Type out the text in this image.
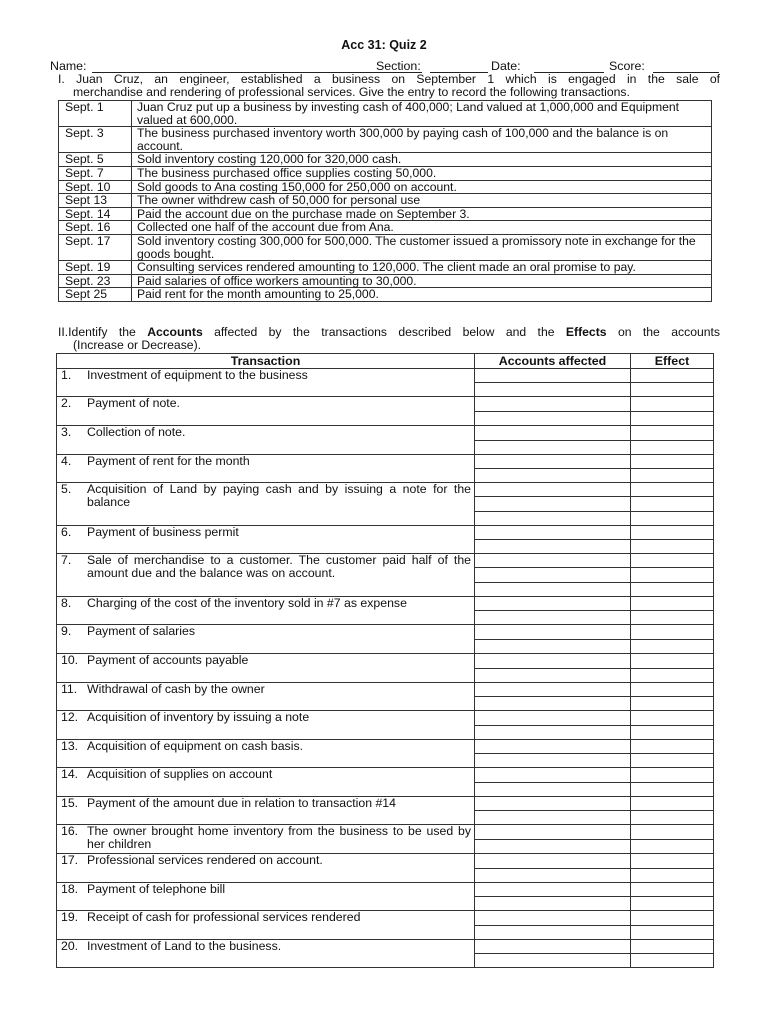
Acc 31: Quiz 2
Name:	Section:	Date:	Score:
I. Juan Cruz, an engineer, established a business on September 1 which is engaged in the sale of
merchandise and rendering of professional services. Give the entry to record the following transactions.
Sept. 1	Juan Cruz put up a business by investing cash of 400,000; Land valued at 1,000,000 and Equipment valued at 600,000.
Sept. 3	The business purchased inventory worth 300,000 by paying cash of 100,000 and the balance is on account.
Sept. 5	Sold inventory costing 120,000 for 320,000 cash.
Sept. 7	The business purchased office supplies costing 50,000.
Sept. 10	Sold goods to Ana costing 150,000 for 250,000 on account.
Sept 13	The owner withdrew cash of 50,000 for personal use
Sept. 14	Paid the account due on the purchase made on September 3.
Sept. 16	Collected one half of the account due from Ana.
Sept. 17	Sold inventory costing 300,000 for 500,000. The customer issued a promissory note in exchange for the goods bought.
Sept. 19	Consulting services rendered amounting to 120,000. The client made an oral promise to pay.
Sept. 23	Paid salaries of office workers amounting to 30,000.
Sept 25	Paid rent for the month amounting to 25,000.
II.Identify the Accounts affected by the transactions described below and the Effects on the accounts
(Increase or Decrease).
Transaction	Accounts affected	Effect
1.	Investment of equipment to the business
2.	Payment of note.
3.	Collection of note.
4.	Payment of rent for the month
5.	Acquisition of Land by paying cash and by issuing a note for the balance
6.	Payment of business permit
7.	Sale of merchandise to a customer. The customer paid half of the amount due and the balance was on account.
8.	Charging of the cost of the inventory sold in #7 as expense
9.	Payment of salaries
10. Payment of accounts payable
11. Withdrawal of cash by the owner
12. Acquisition of inventory by issuing a note
13. Acquisition of equipment on cash basis.
14. Acquisition of supplies on account
15. Payment of the amount due in relation to transaction #14
16. The owner brought home inventory from the business to be used by her children
17. Professional services rendered on account.
18. Payment of telephone bill
19. Receipt of cash for professional services rendered
20. Investment of Land to the business.
